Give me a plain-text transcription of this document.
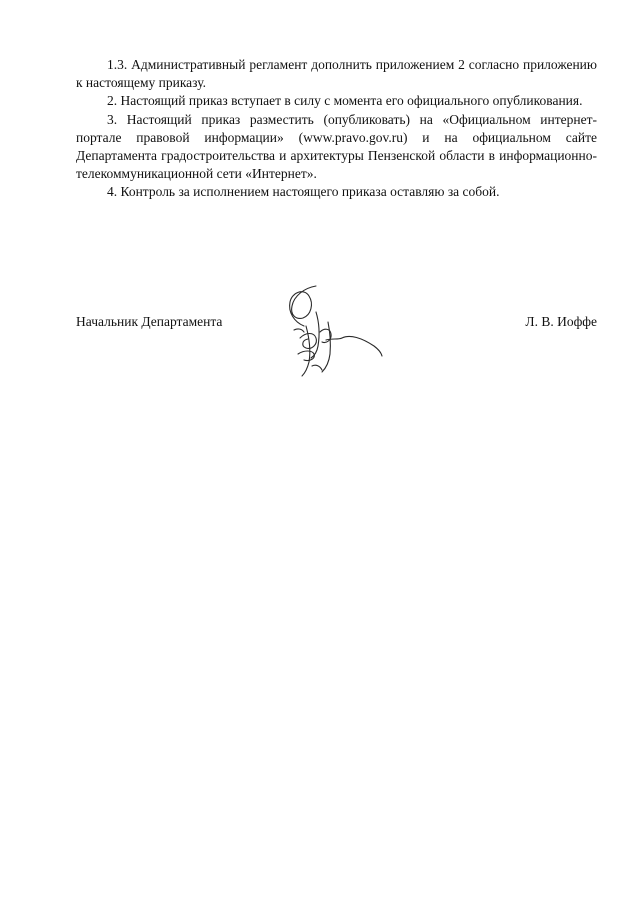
1.3. Административный регламент дополнить приложением 2 согласно приложению к настоящему приказу.

2. Настоящий приказ вступает в силу с момента его официального опубликования.

3. Настоящий приказ разместить (опубликовать) на «Официальном интернет-портале правовой информации» (www.pravo.gov.ru) и на официальном сайте Департамента градостроительства и архитектуры Пензенской области в информационно-телекоммуникационной сети «Интернет».

4. Контроль за исполнением настоящего приказа оставляю за собой.

Начальник Департамента	Л. В. Иоффе
